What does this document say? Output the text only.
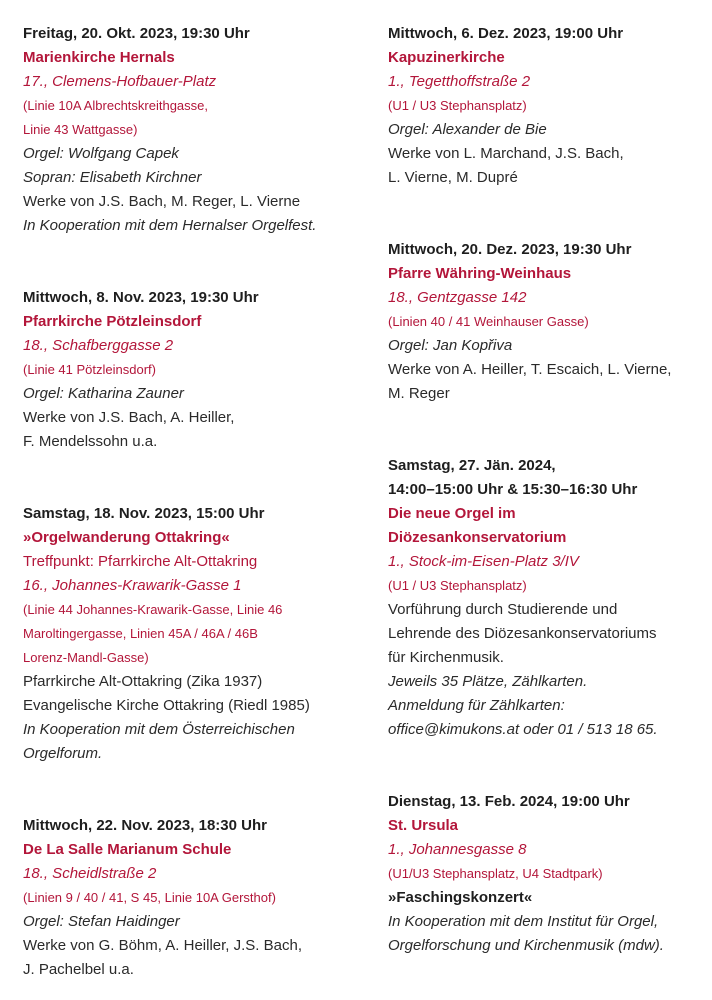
Freitag, 20. Okt. 2023, 19:30 Uhr
Marienkirche Hernals
17., Clemens-Hofbauer-Platz
(Linie 10A Albrechtskreithgasse,
Linie 43 Wattgasse)
Orgel: Wolfgang Capek
Sopran: Elisabeth Kirchner
Werke von J.S. Bach, M. Reger, L. Vierne
In Kooperation mit dem Hernalser Orgelfest.
Mittwoch, 8. Nov. 2023, 19:30 Uhr
Pfarrkirche Pötzleinsdorf
18., Schafberggasse 2
(Linie 41 Pötzleinsdorf)
Orgel: Katharina Zauner
Werke von J.S. Bach, A. Heiller,
F. Mendelssohn u.a.
Samstag, 18. Nov. 2023, 15:00 Uhr
»Orgelwanderung Ottakring«
Treffpunkt: Pfarrkirche Alt-Ottakring
16., Johannes-Krawarik-Gasse 1
(Linie 44 Johannes-Krawarik-Gasse, Linie 46
Maroltingergasse, Linien 45A / 46A / 46B
Lorenz-Mandl-Gasse)
Pfarrkirche Alt-Ottakring (Zika 1937)
Evangelische Kirche Ottakring (Riedl 1985)
In Kooperation mit dem Österreichischen
Orgelforum.
Mittwoch, 22. Nov. 2023, 18:30 Uhr
De La Salle Marianum Schule
18., Scheidlstraße 2
(Linien 9 / 40 / 41, S 45, Linie 10A Gersthof)
Orgel: Stefan Haidinger
Werke von G. Böhm, A. Heiller, J.S. Bach,
J. Pachelbel u.a.
Mittwoch, 6. Dez. 2023, 19:00 Uhr
Kapuzinerkirche
1., Tegetthoffstraße 2
(U1 / U3 Stephansplatz)
Orgel: Alexander de Bie
Werke von L. Marchand, J.S. Bach,
L. Vierne, M. Dupré
Mittwoch, 20. Dez. 2023, 19:30 Uhr
Pfarre Währing-Weinhaus
18., Gentzgasse 142
(Linien 40 / 41 Weinhauser Gasse)
Orgel: Jan Kopřiva
Werke von A. Heiller, T. Escaich, L. Vierne,
M. Reger
Samstag, 27. Jän. 2024,
14:00–15:00 Uhr & 15:30–16:30 Uhr
Die neue Orgel im
Diözesankonservatorium
1., Stock-im-Eisen-Platz 3/IV
(U1 / U3 Stephansplatz)
Vorführung durch Studierende und
Lehrende des Diözesankonservatoriums
für Kirchenmusik.
Jeweils 35 Plätze, Zählkarten.
Anmeldung für Zählkarten:
office@kimukons.at oder 01 / 513 18 65.
Dienstag, 13. Feb. 2024, 19:00 Uhr
St. Ursula
1., Johannesgasse 8
(U1/U3 Stephansplatz, U4 Stadtpark)
»Faschingskonzert«
In Kooperation mit dem Institut für Orgel,
Orgelforschung und Kirchenmusik (mdw).
